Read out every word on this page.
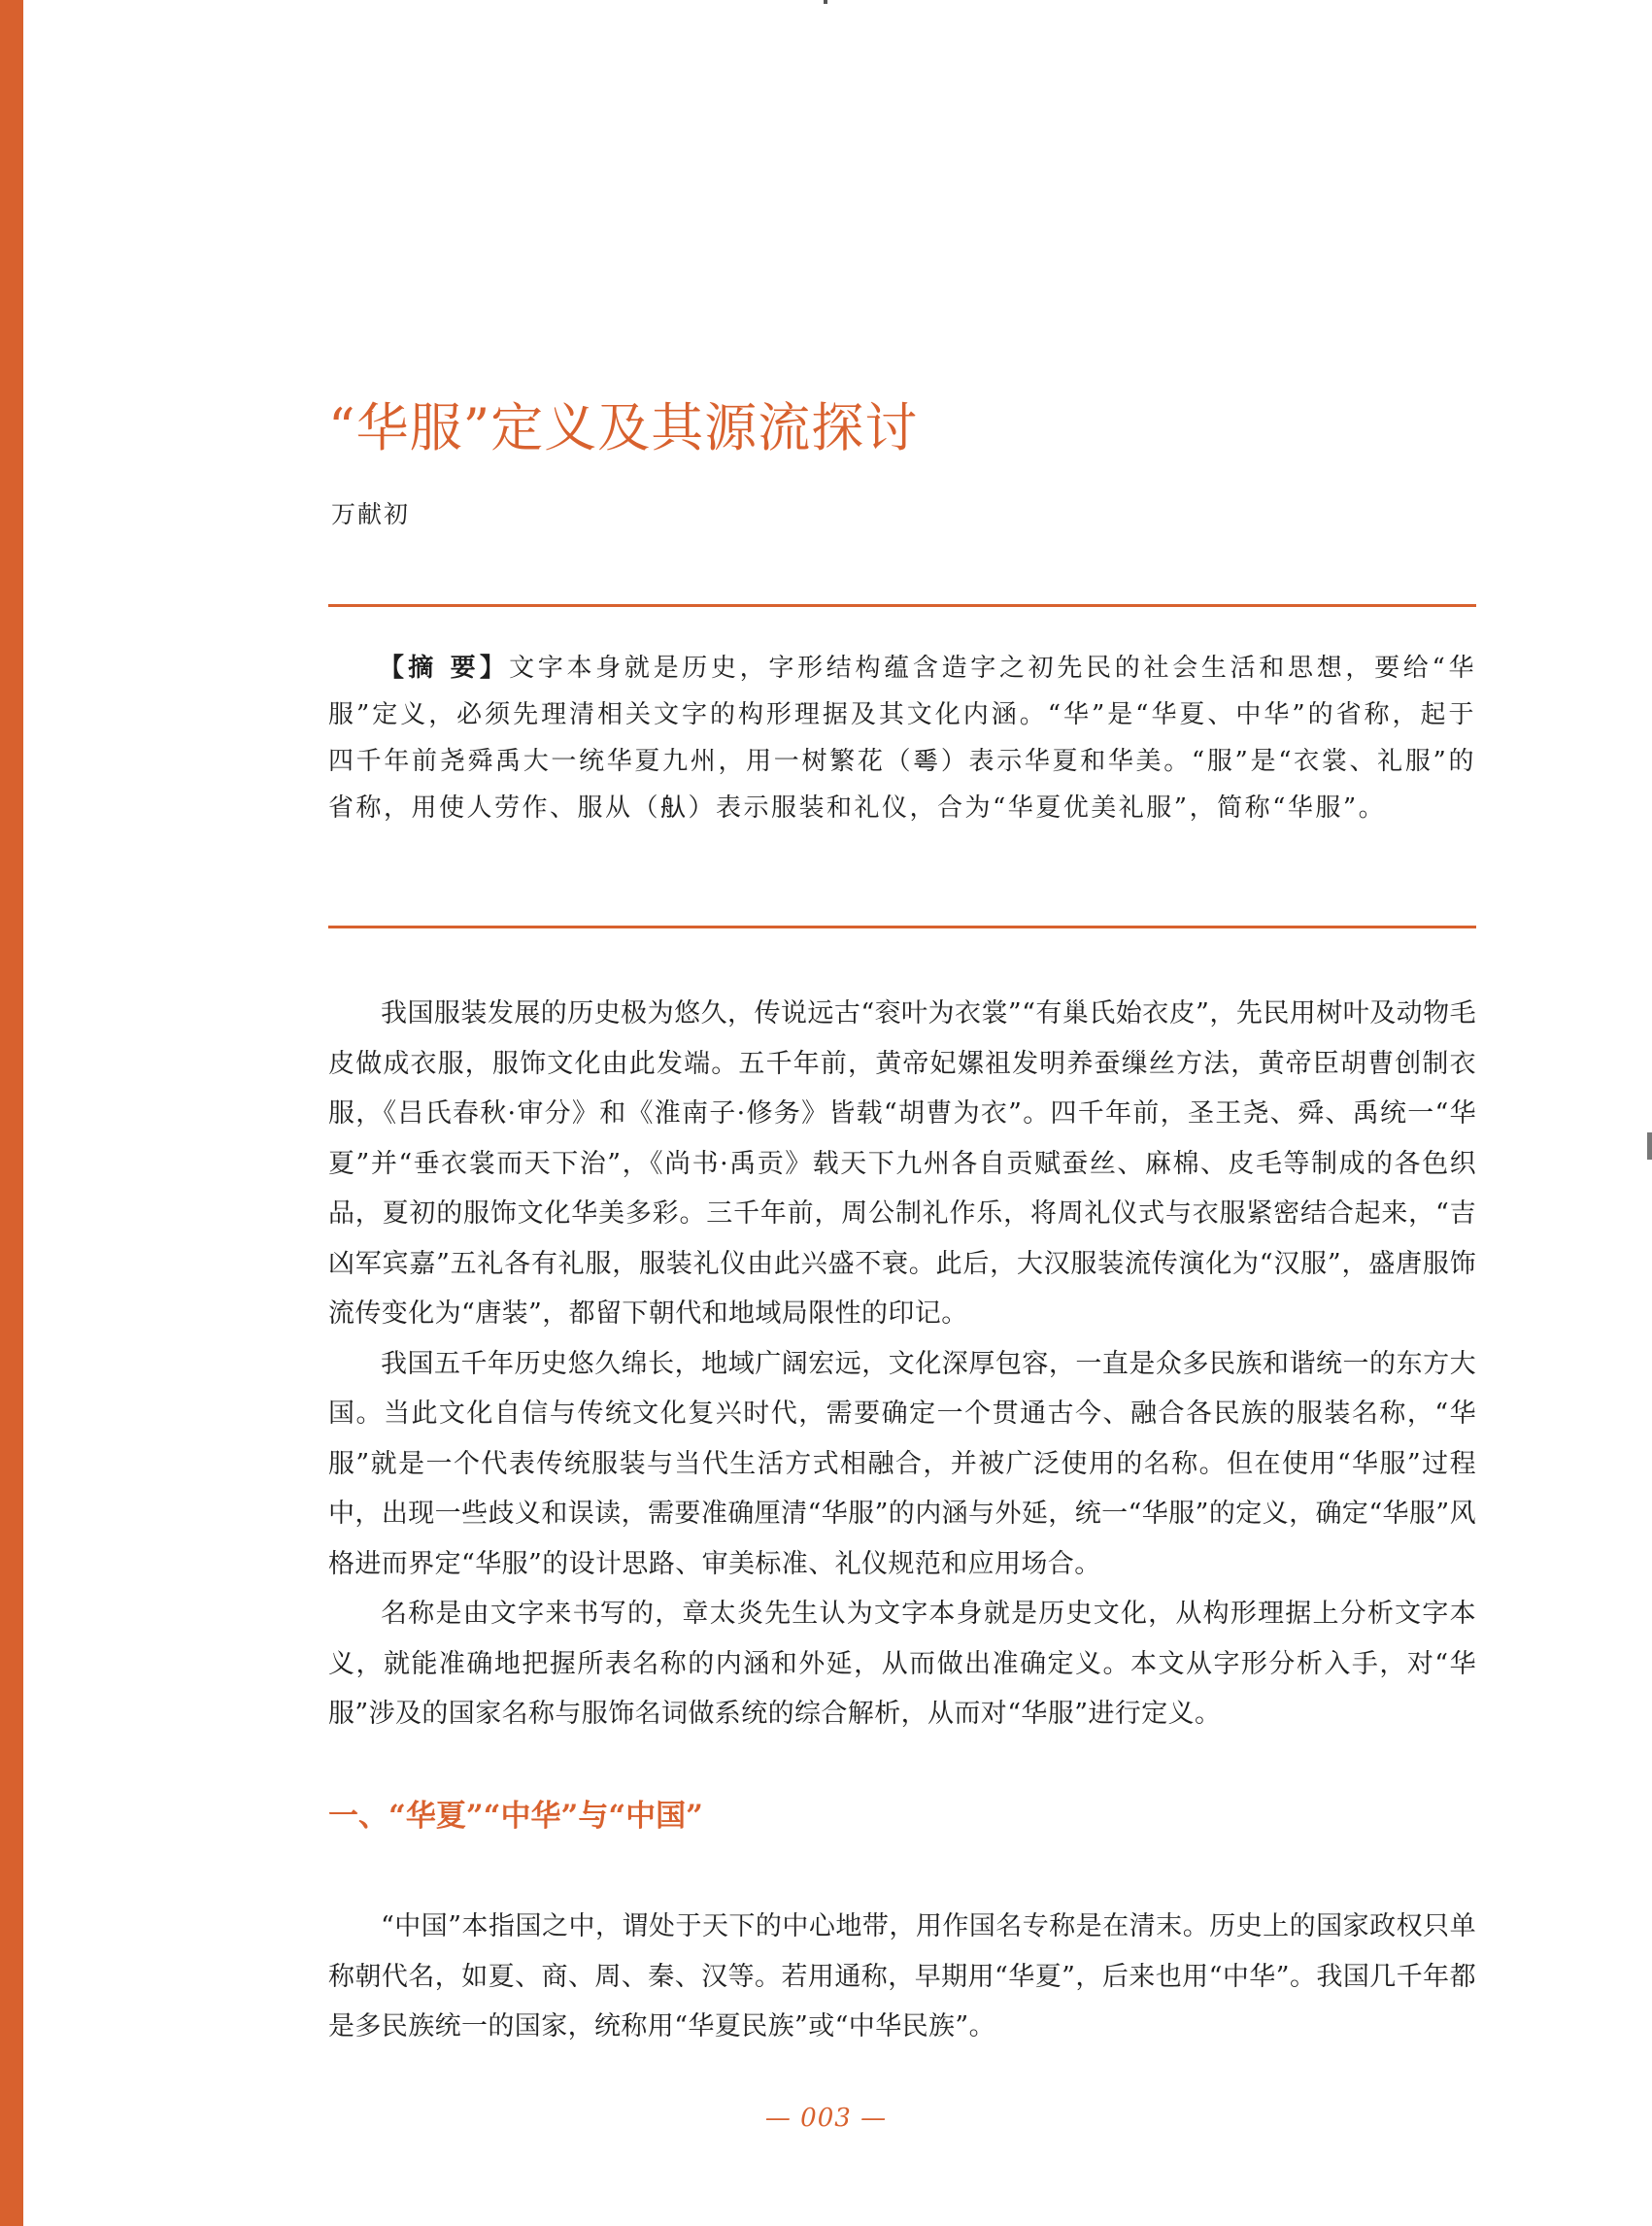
“华服”定义及其源流探讨
万献初
【摘 要】文字本身就是历史，字形结构蕴含造字之初先民的社会生活和思想，要给“华服”定义，必须先理清相关文字的构形理据及其文化内涵。“华”是“华夏、中华”的省称，起于四千年前尧舜禹大一统华夏九州，用一树繁花（𠌶）表示华夏和华美。“服”是“衣裳、礼服”的省称，用使人劳作、服从（𦨈）表示服装和礼仪，合为“华夏优美礼服”，简称“华服”。

我国服装发展的历史极为悠久，传说远古“衮叶为衣裳”“有巢氏始衣皮”，先民用树叶及动物毛皮做成衣服，服饰文化由此发端。五千年前，黄帝妃嫘祖发明养蚕缫丝方法，黄帝臣胡曹创制衣服，《吕氏春秋·审分》和《淮南子·修务》皆载“胡曹为衣”。四千年前，圣王尧、舜、禹统一“华夏”并“垂衣裳而天下治”，《尚书·禹贡》载天下九州各自贡赋蚕丝、麻棉、皮毛等制成的各色织品，夏初的服饰文化华美多彩。三千年前，周公制礼作乐，将周礼仪式与衣服紧密结合起来，“吉凶军宾嘉”五礼各有礼服，服装礼仪由此兴盛不衰。此后，大汉服装流传演化为“汉服”，盛唐服饰流传变化为“唐装”，都留下朝代和地域局限性的印记。

我国五千年历史悠久绵长，地域广阔宏远，文化深厚包容，一直是众多民族和谐统一的东方大国。当此文化自信与传统文化复兴时代，需要确定一个贯通古今、融合各民族的服装名称，“华服”就是一个代表传统服装与当代生活方式相融合，并被广泛使用的名称。但在使用“华服”过程中，出现一些歧义和误读，需要准确厘清“华服”的内涵与外延，统一“华服”的定义，确定“华服”风格进而界定“华服”的设计思路、审美标准、礼仪规范和应用场合。

名称是由文字来书写的，章太炎先生认为文字本身就是历史文化，从构形理据上分析文字本义，就能准确地把握所表名称的内涵和外延，从而做出准确定义。本文从字形分析入手，对“华服”涉及的国家名称与服饰名词做系统的综合解析，从而对“华服”进行定义。

一、“华夏”“中华”与“中国”

“中国”本指国之中，谓处于天下的中心地带，用作国名专称是在清末。历史上的国家政权只单称朝代名，如夏、商、周、秦、汉等。若用通称，早期用“华夏”，后来也用“中华”。我国几千年都是多民族统一的国家，统称用“华夏民族”或“中华民族”。

— 003 —
